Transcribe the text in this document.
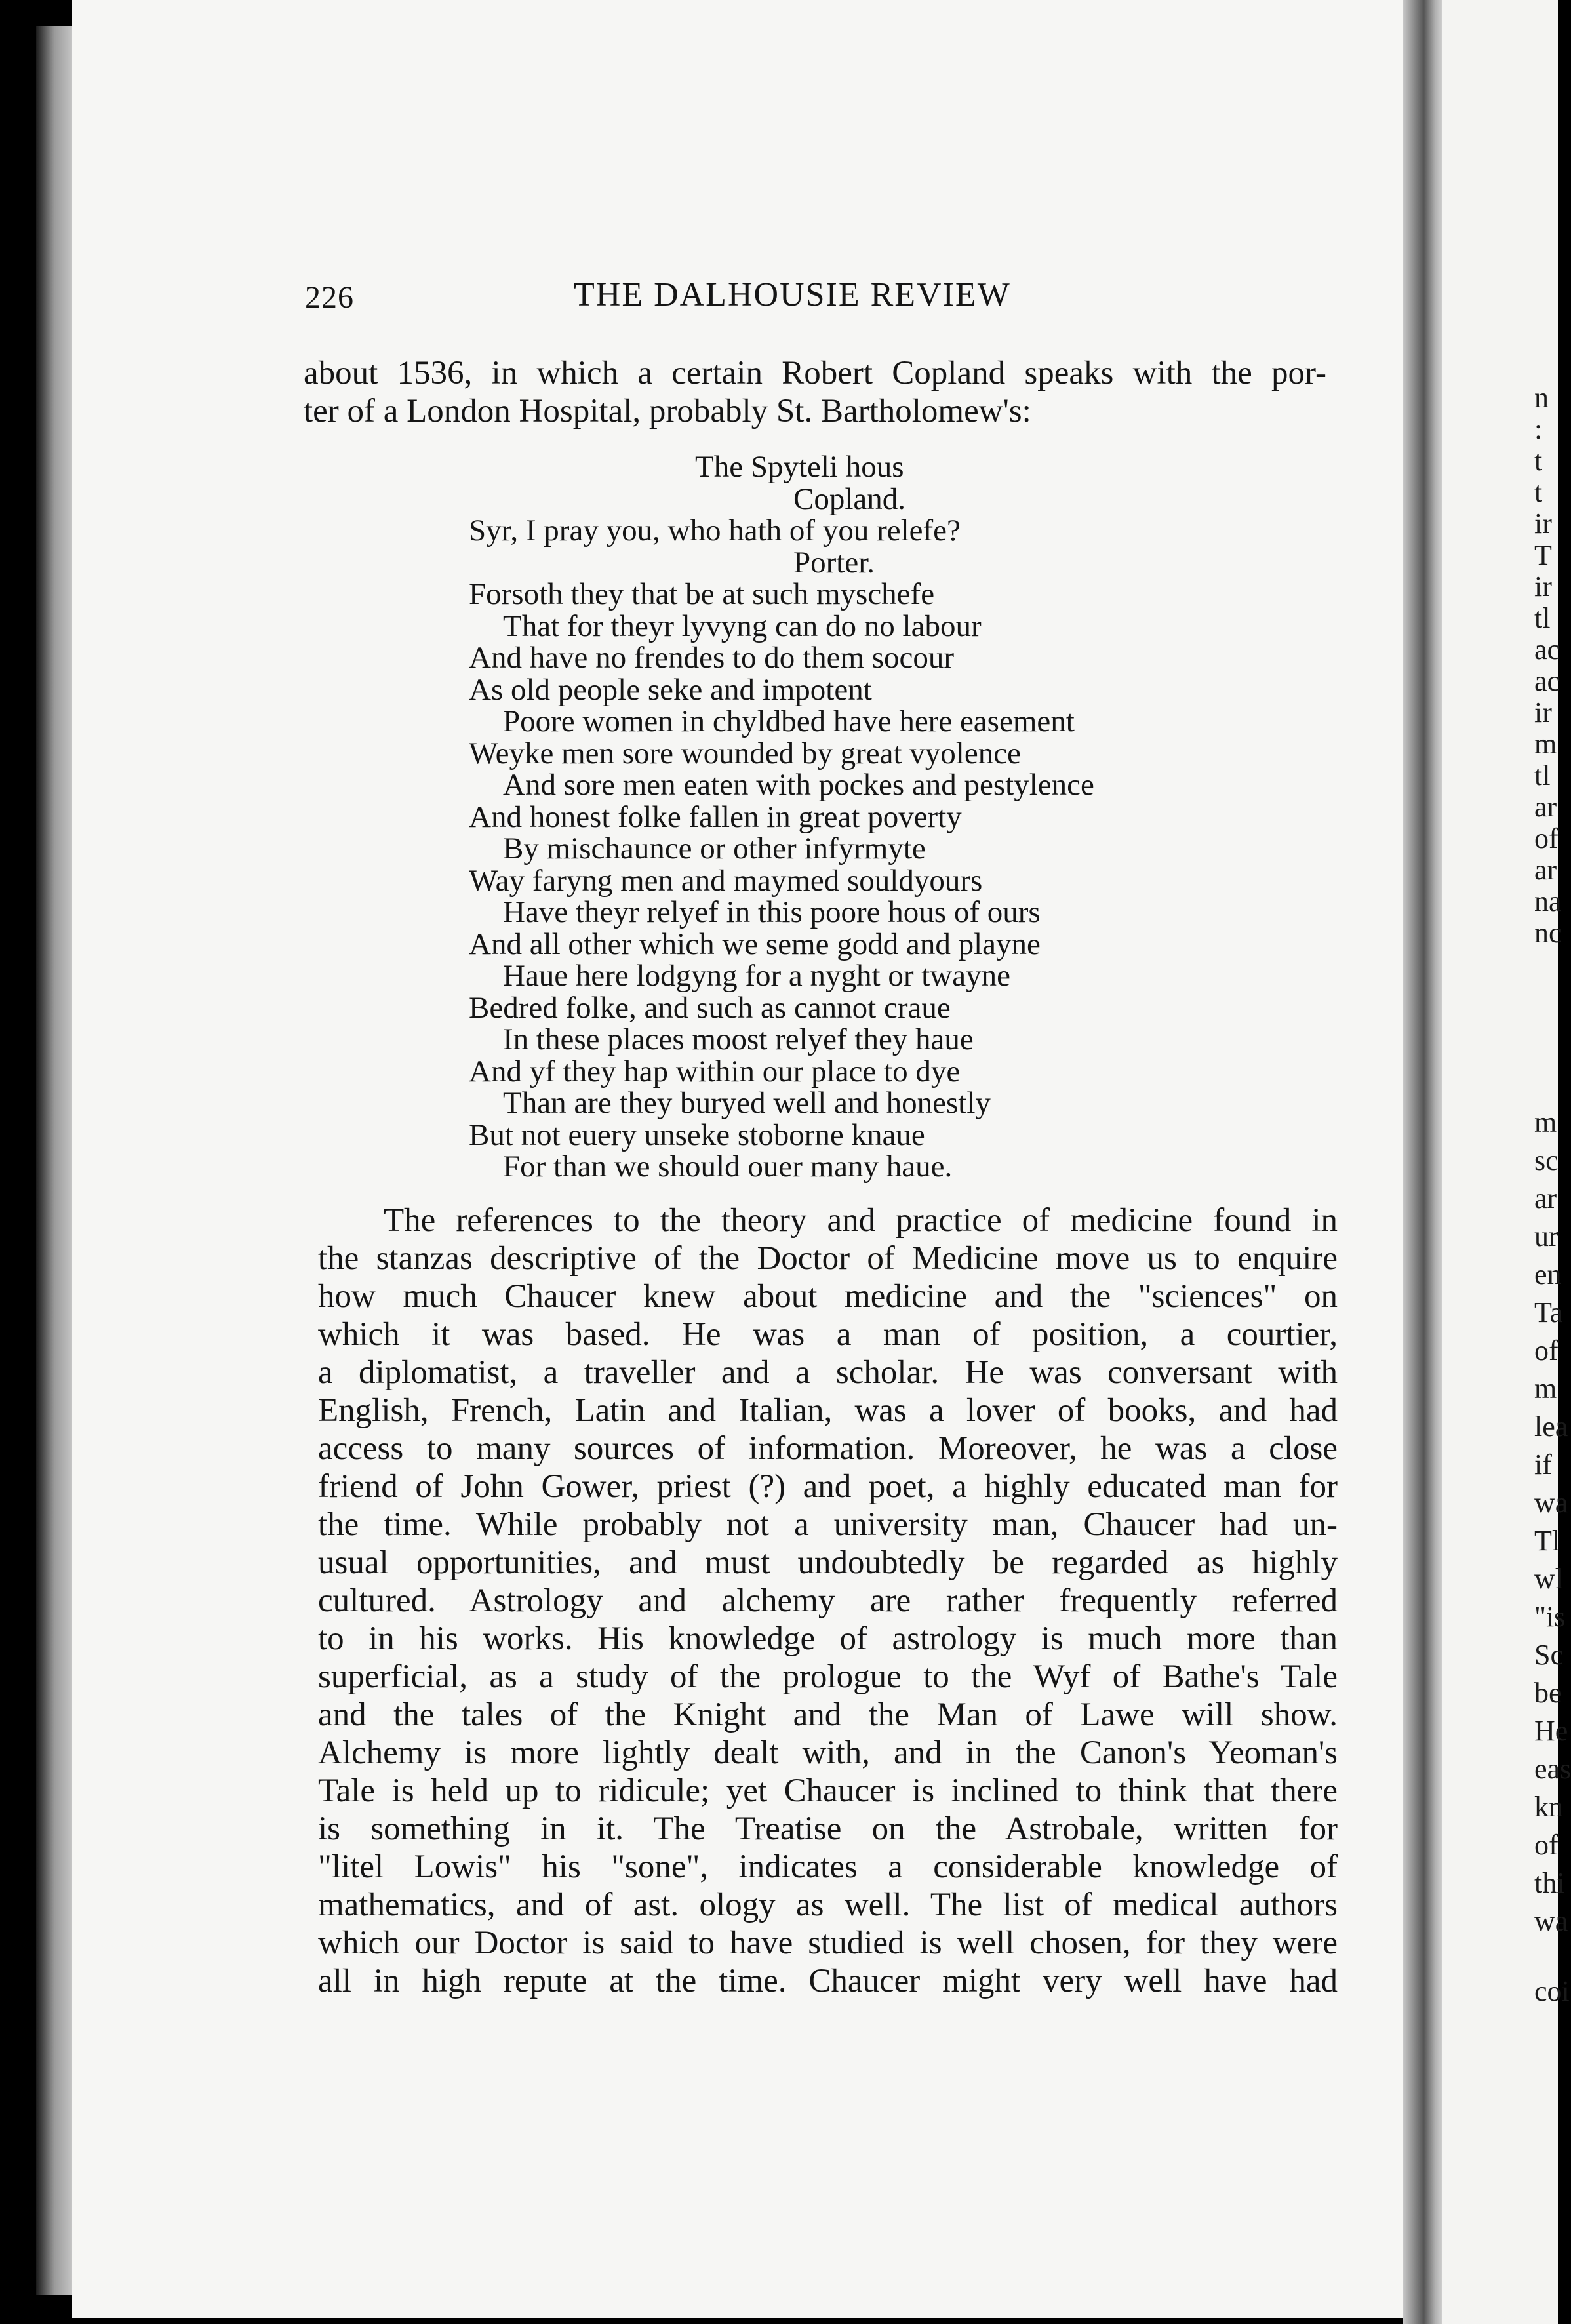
n
:
t
t
ir
T
ir
tl
ac
ac
ir
m
tl
ar
of
ar
na
nc
m
sc
ar
ur
en
Ta
of
m
lea
if
wa
Tl
wl
"is
Sc
be
He
eas
kn
of
thi
wa
coi
226	THE DALHOUSIE REVIEW
about 1536, in which a certain Robert Copland speaks with the por-
ter of a London Hospital, probably St. Bartholomew's:
The Spyteli hous
Copland.
Syr, I pray you, who hath of you relefe?
Porter.
Forsoth they that be at such myschefe
That for theyr lyvyng can do no labour
And have no frendes to do them socour
As old people seke and impotent
Poore women in chyldbed have here easement
Weyke men sore wounded by great vyolence
And sore men eaten with pockes and pestylence
And honest folke fallen in great poverty
By mischaunce or other infyrmyte
Way faryng men and maymed souldyours
Have theyr relyef in this poore hous of ours
And all other which we seme godd and playne
Haue here lodgyng for a nyght or twayne
Bedred folke, and such as cannot craue
In these places moost relyef they haue
And yf they hap within our place to dye
Than are they buryed well and honestly
But not euery unseke stoborne knaue
For than we should ouer many haue.
The references to the theory and practice of medicine found in
the stanzas descriptive of the Doctor of Medicine move us to enquire
how much Chaucer knew about medicine and the "sciences" on
which it was based. He was a man of position, a courtier,
a diplomatist, a traveller and a scholar. He was conversant with
English, French, Latin and Italian, was a lover of books, and had
access to many sources of information. Moreover, he was a close
friend of John Gower, priest (?) and poet, a highly educated man for
the time. While probably not a university man, Chaucer had un-
usual opportunities, and must undoubtedly be regarded as highly
cultured. Astrology and alchemy are rather frequently referred
to in his works. His knowledge of astrology is much more than
superficial, as a study of the prologue to the Wyf of Bathe's Tale
and the tales of the Knight and the Man of Lawe will show.
Alchemy is more lightly dealt with, and in the Canon's Yeoman's
Tale is held up to ridicule; yet Chaucer is inclined to think that there
is something in it. The Treatise on the Astrobale, written for
"litel Lowis" his "sone", indicates a considerable knowledge of
mathematics, and of ast. ology as well. The list of medical authors
which our Doctor is said to have studied is well chosen, for they were
all in high repute at the time. Chaucer might very well have had
